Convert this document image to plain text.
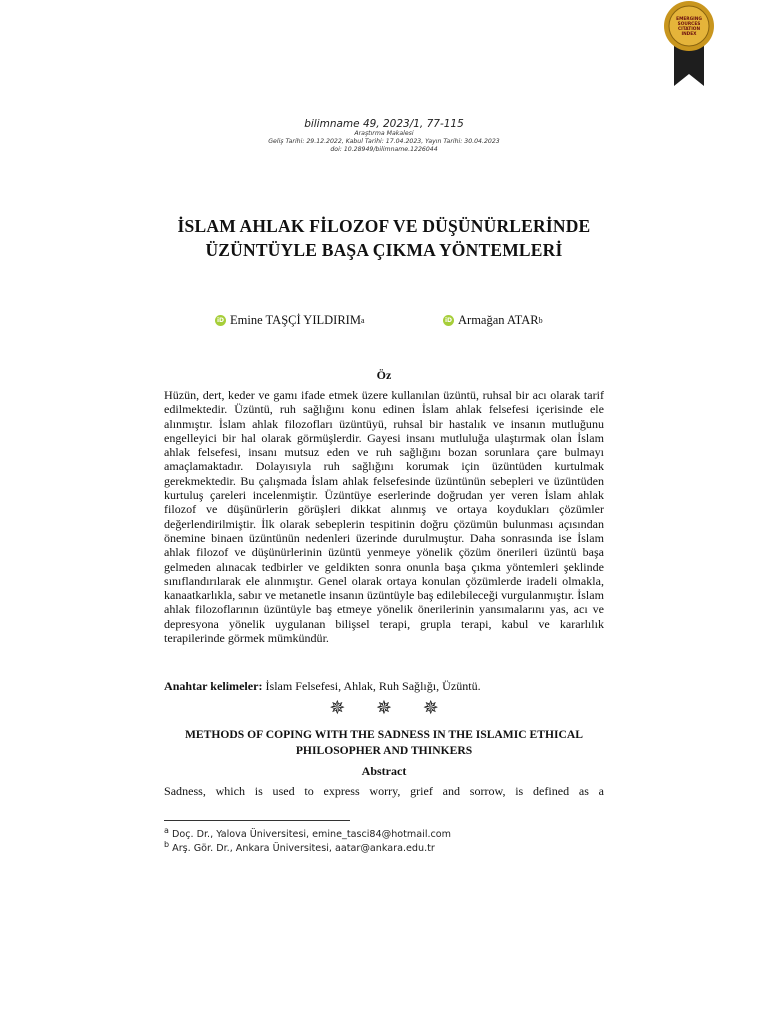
EMERGING
SOURCES
CITATION
INDEX
bilimname 49, 2023/1, 77-115
Araştırma Makalesi
Geliş Tarihi: 29.12.2022, Kabul Tarihi: 17.04.2023, Yayın Tarihi: 30.04.2023
doi: 10.28949/bilimname.1226044
İSLAM AHLAK FİLOZOF VE DÜŞÜNÜRLERİNDE
ÜZÜNTÜYLE BAŞA ÇIKMA YÖNTEMLERİ
iD Emine TAŞÇİ YILDIRIM a	iD Armağan ATAR b
Öz
Hüzün, dert, keder ve gamı ifade etmek üzere kullanılan üzüntü, ruhsal bir acı olarak tarif edilmektedir. Üzüntü, ruh sağlığını konu edinen İslam ahlak felsefesi içerisinde ele alınmıştır. İslam ahlak filozofları üzüntüyü, ruhsal bir hastalık ve insanın mutluğunu engelleyici bir hal olarak görmüşlerdir. Gayesi insanı mutluluğa ulaştırmak olan İslam ahlak felsefesi, insanı mutsuz eden ve ruh sağlığını bozan sorunlara çare bulmayı amaçlamaktadır. Dolayısıyla ruh sağlığını korumak için üzüntüden kurtulmak gerekmektedir. Bu çalışmada İslam ahlak felsefesinde üzüntünün sebepleri ve üzüntüden kurtuluş çareleri incelenmiştir. Üzüntüye eserlerinde doğrudan yer veren İslam ahlak filozof ve düşünürlerin görüşleri dikkat alınmış ve ortaya koydukları çözümler değerlendirilmiştir. İlk olarak sebeplerin tespitinin doğru çözümün bulunması açısından önemine binaen üzüntünün nedenleri üzerinde durulmuştur. Daha sonrasında ise İslam ahlak filozof ve düşünürlerinin üzüntü yenmeye yönelik çözüm önerileri üzüntü başa gelmeden alınacak tedbirler ve geldikten sonra onunla başa çıkma yöntemleri şeklinde sınıflandırılarak ele alınmıştır. Genel olarak ortaya konulan çözümlerde iradeli olmakla, kanaatkarlıkla, sabır ve metanetle insanın üzüntüyle baş edilebileceği vurgulanmıştır. İslam ahlak filozoflarının üzüntüyle baş etmeye yönelik önerilerinin yansımalarını yas, acı ve depresyona yönelik uygulanan bilişsel terapi, grupla terapi, kabul ve kararlılık terapilerinde görmek mümkündür.
Anahtar kelimeler: İslam Felsefesi, Ahlak, Ruh Sağlığı, Üzüntü.
✵ ✵ ✵
METHODS OF COPING WITH THE SADNESS IN THE ISLAMIC ETHICAL
PHILOSOPHER AND THINKERS
Abstract
Sadness, which is used to express worry, grief and sorrow, is defined as a
$^a$ Doç. Dr., Yalova Üniversitesi, emine_tasci84@hotmail.com
$^b$ Arş. Gör. Dr., Ankara Üniversitesi, aatar@ankara.edu.tr
